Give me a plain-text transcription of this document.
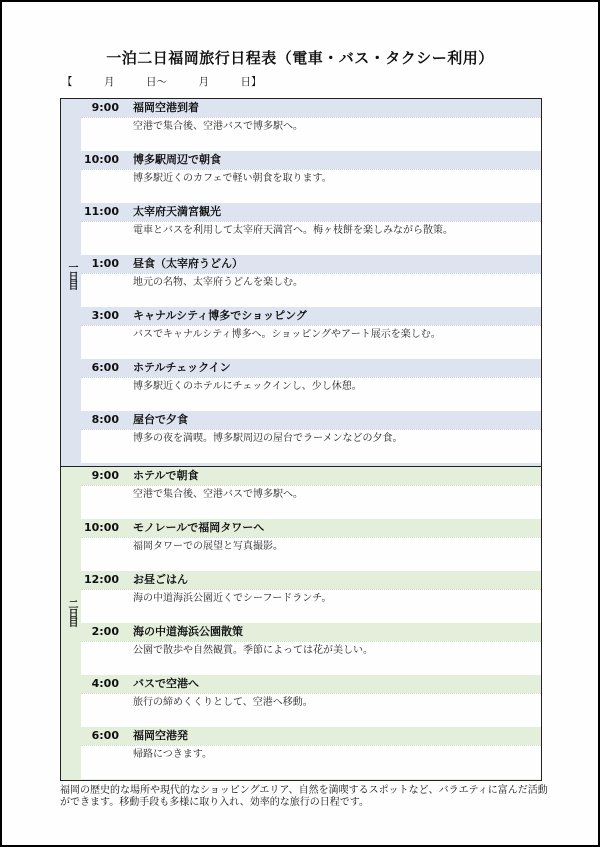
一泊二日福岡旅行日程表（電車・バス・タクシー利用）
【　　　月　　　日～　　　月　　　日】
一日目
9:00 福岡空港到着
空港で集合後、空港バスで博多駅へ。
10:00 博多駅周辺で朝食
博多駅近くのカフェで軽い朝食を取ります。
11:00 太宰府天満宮観光
電車とバスを利用して太宰府天満宮へ。梅ヶ枝餅を楽しみながら散策。
1:00 昼食（太宰府うどん）
地元の名物、太宰府うどんを楽しむ。
3:00 キャナルシティ博多でショッピング
バスでキャナルシティ博多へ。ショッピングやアート展示を楽しむ。
6:00 ホテルチェックイン
博多駅近くのホテルにチェックインし、少し休憩。
8:00 屋台で夕食
博多の夜を満喫。博多駅周辺の屋台でラーメンなどの夕食。
二日目
9:00 ホテルで朝食
空港で集合後、空港バスで博多駅へ。
10:00 モノレールで福岡タワーへ
福岡タワーでの展望と写真撮影。
12:00 お昼ごはん
海の中道海浜公園近くでシーフードランチ。
2:00 海の中道海浜公園散策
公園で散歩や自然観賞。季節によっては花が美しい。
4:00 バスで空港へ
旅行の締めくくりとして、空港へ移動。
6:00 福岡空港発
帰路につきます。
福岡の歴史的な場所や現代的なショッピングエリア、自然を満喫するスポットなど、バラエティに富んだ活動ができます。移動手段も多様に取り入れ、効率的な旅行の日程です。
